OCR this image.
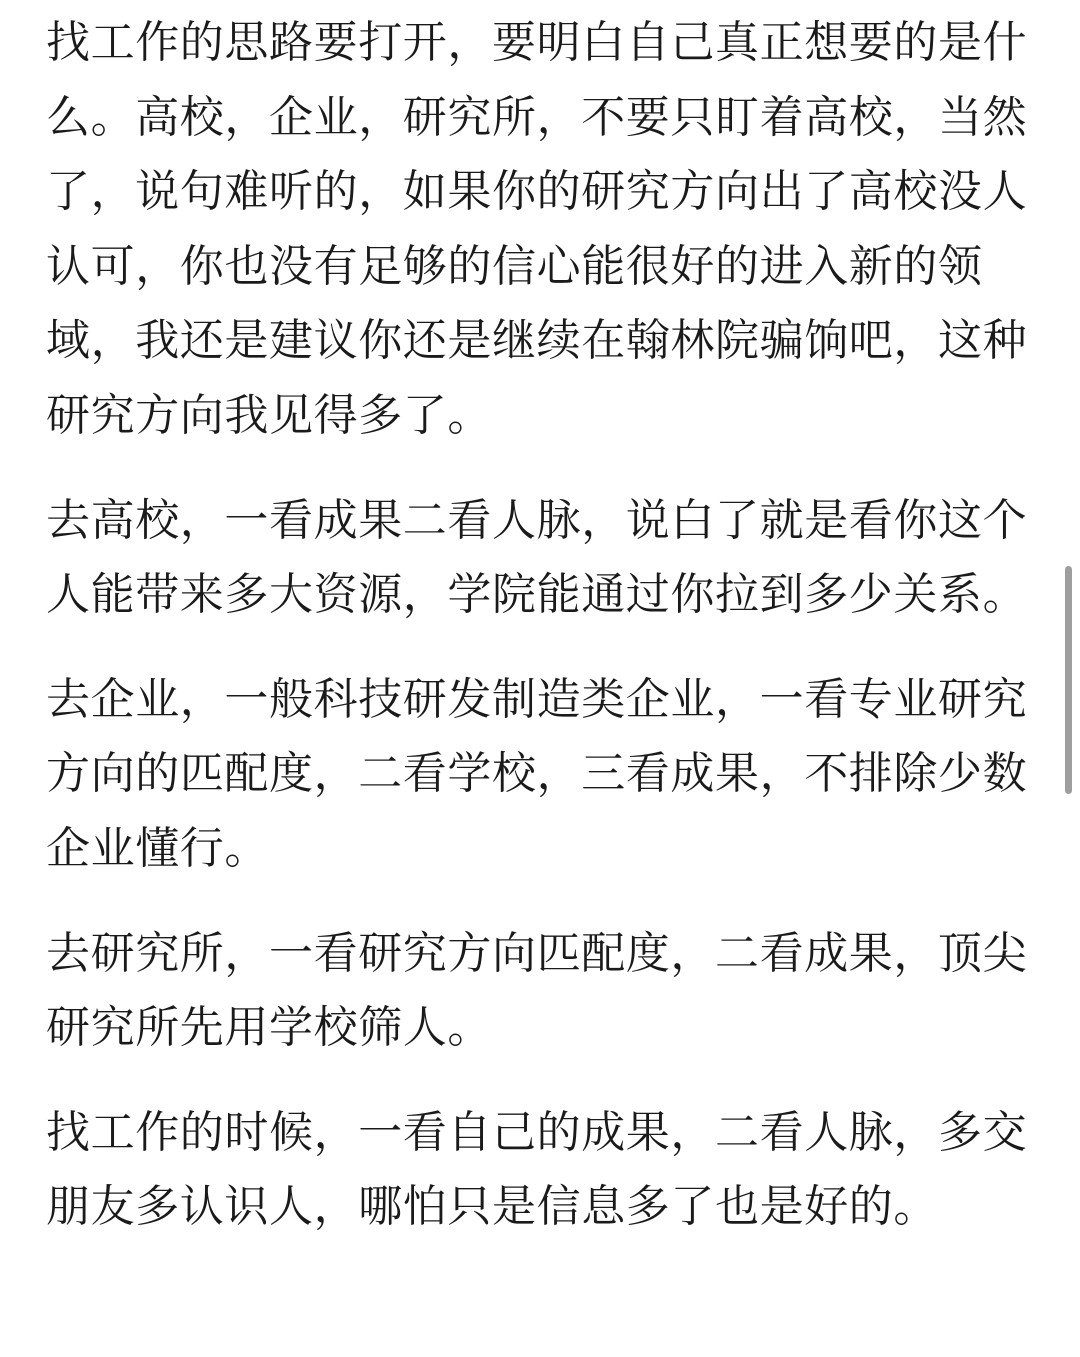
找工作的思路要打开，要明白自己真正想要的是什么。高校，企业，研究所，不要只盯着高校，当然了，说句难听的，如果你的研究方向出了高校没人认可，你也没有足够的信心能很好的进入新的领域，我还是建议你还是继续在翰林院骗饷吧，这种研究方向我见得多了。

去高校，一看成果二看人脉，说白了就是看你这个人能带来多大资源，学院能通过你拉到多少关系。

去企业，一般科技研发制造类企业，一看专业研究方向的匹配度，二看学校，三看成果，不排除少数企业懂行。

去研究所，一看研究方向匹配度，二看成果，顶尖研究所先用学校筛人。

找工作的时候，一看自己的成果，二看人脉，多交朋友多认识人，哪怕只是信息多了也是好的。
